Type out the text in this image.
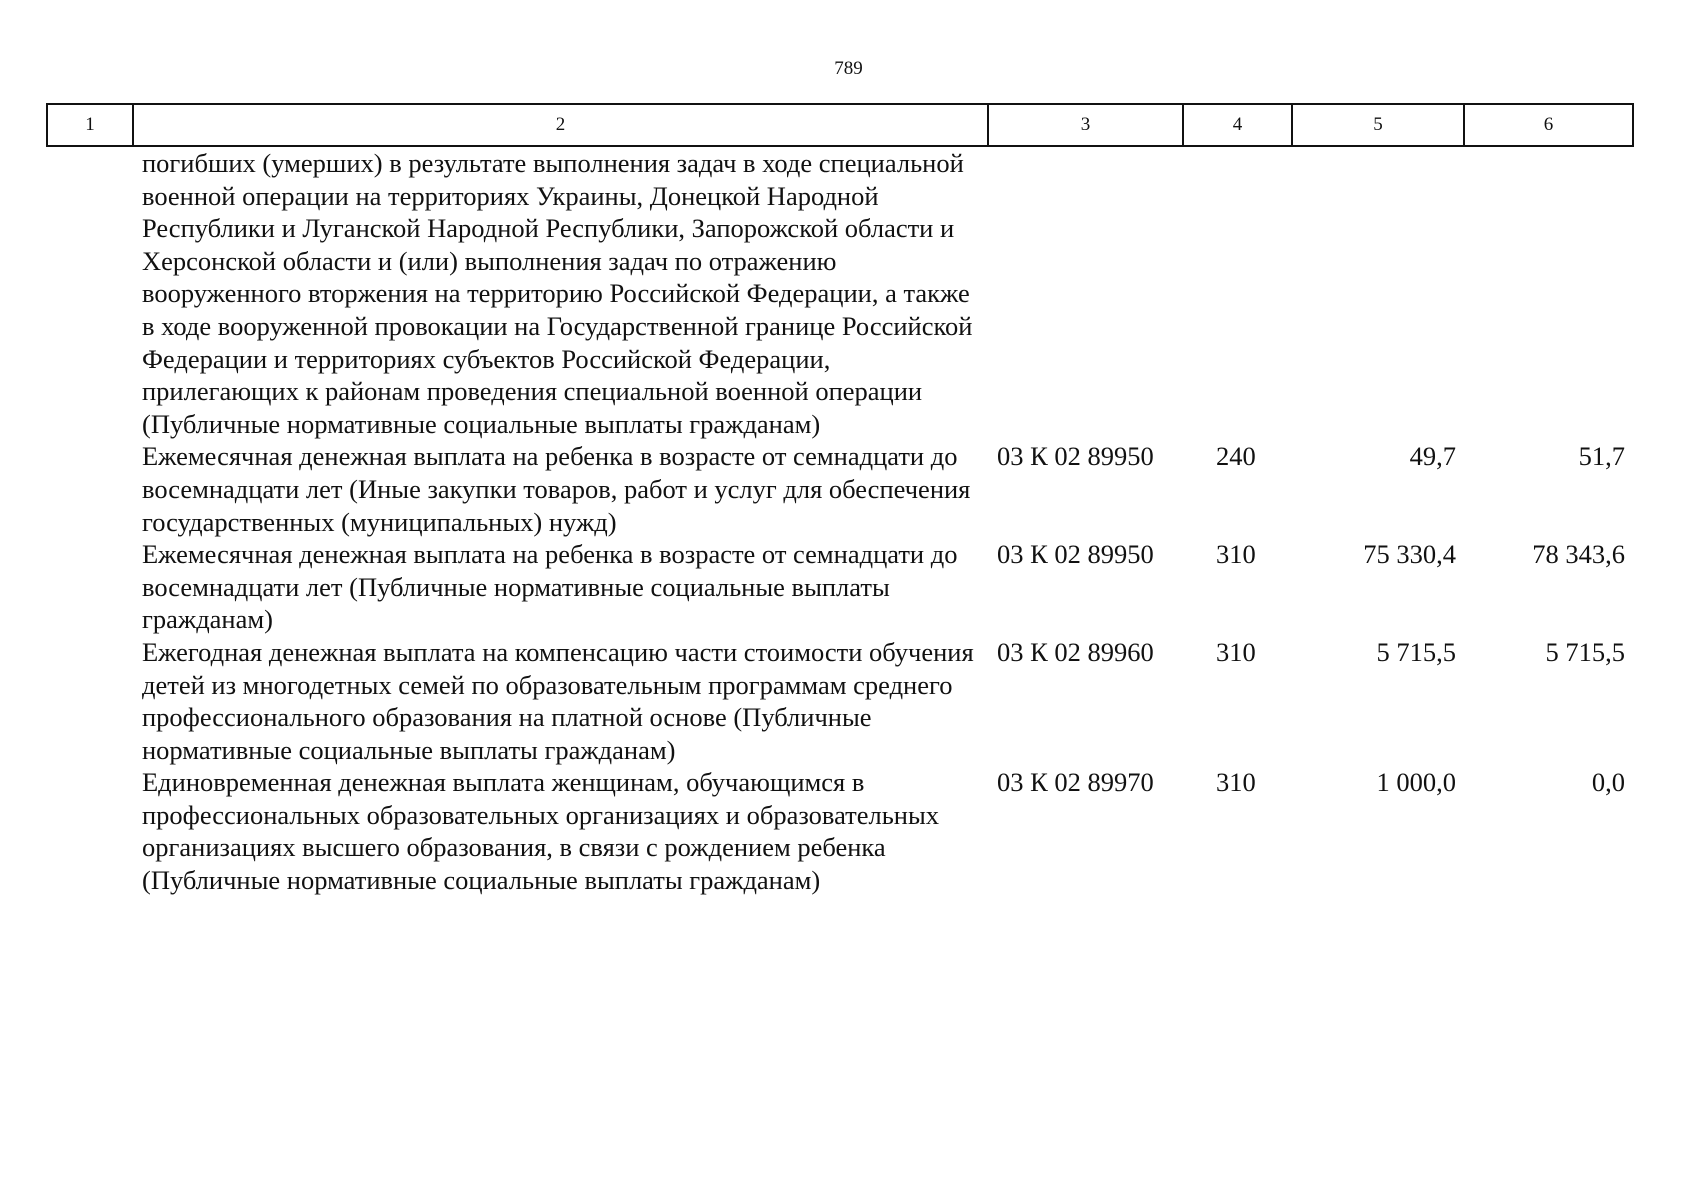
789
1	2	3	4	5	6
	погибших (умерших) в результате выполнения задач в ходе специальной военной операции на территориях Украины, Донецкой Народной Республики и Луганской Народной Республики, Запорожской области и Херсонской области и (или) выполнения задач по отражению вооруженного вторжения на территорию Российской Федерации, а также в ходе вооруженной провокации на Государственной границе Российской Федерации и территориях субъектов Российской Федерации, прилегающих к районам проведения специальной военной операции (Публичные нормативные социальные выплаты гражданам)				
	Ежемесячная денежная выплата на ребенка в возрасте от семнадцати до восемнадцати лет (Иные закупки товаров, работ и услуг для обеспечения государственных (муниципальных) нужд)	03 К 02 89950	240	49,7	51,7
	Ежемесячная денежная выплата на ребенка в возрасте от семнадцати до восемнадцати лет (Публичные нормативные социальные выплаты гражданам)	03 К 02 89950	310	75 330,4	78 343,6
	Ежегодная денежная выплата на компенсацию части стоимости обучения детей из многодетных семей по образовательным программам среднего профессионального образования на платной основе (Публичные нормативные социальные выплаты гражданам)	03 К 02 89960	310	5 715,5	5 715,5
	Единовременная денежная выплата женщинам, обучающимся в профессиональных образовательных организациях и образовательных организациях высшего образования, в связи с рождением ребенка (Публичные нормативные социальные выплаты гражданам)	03 К 02 89970	310	1 000,0	0,0
